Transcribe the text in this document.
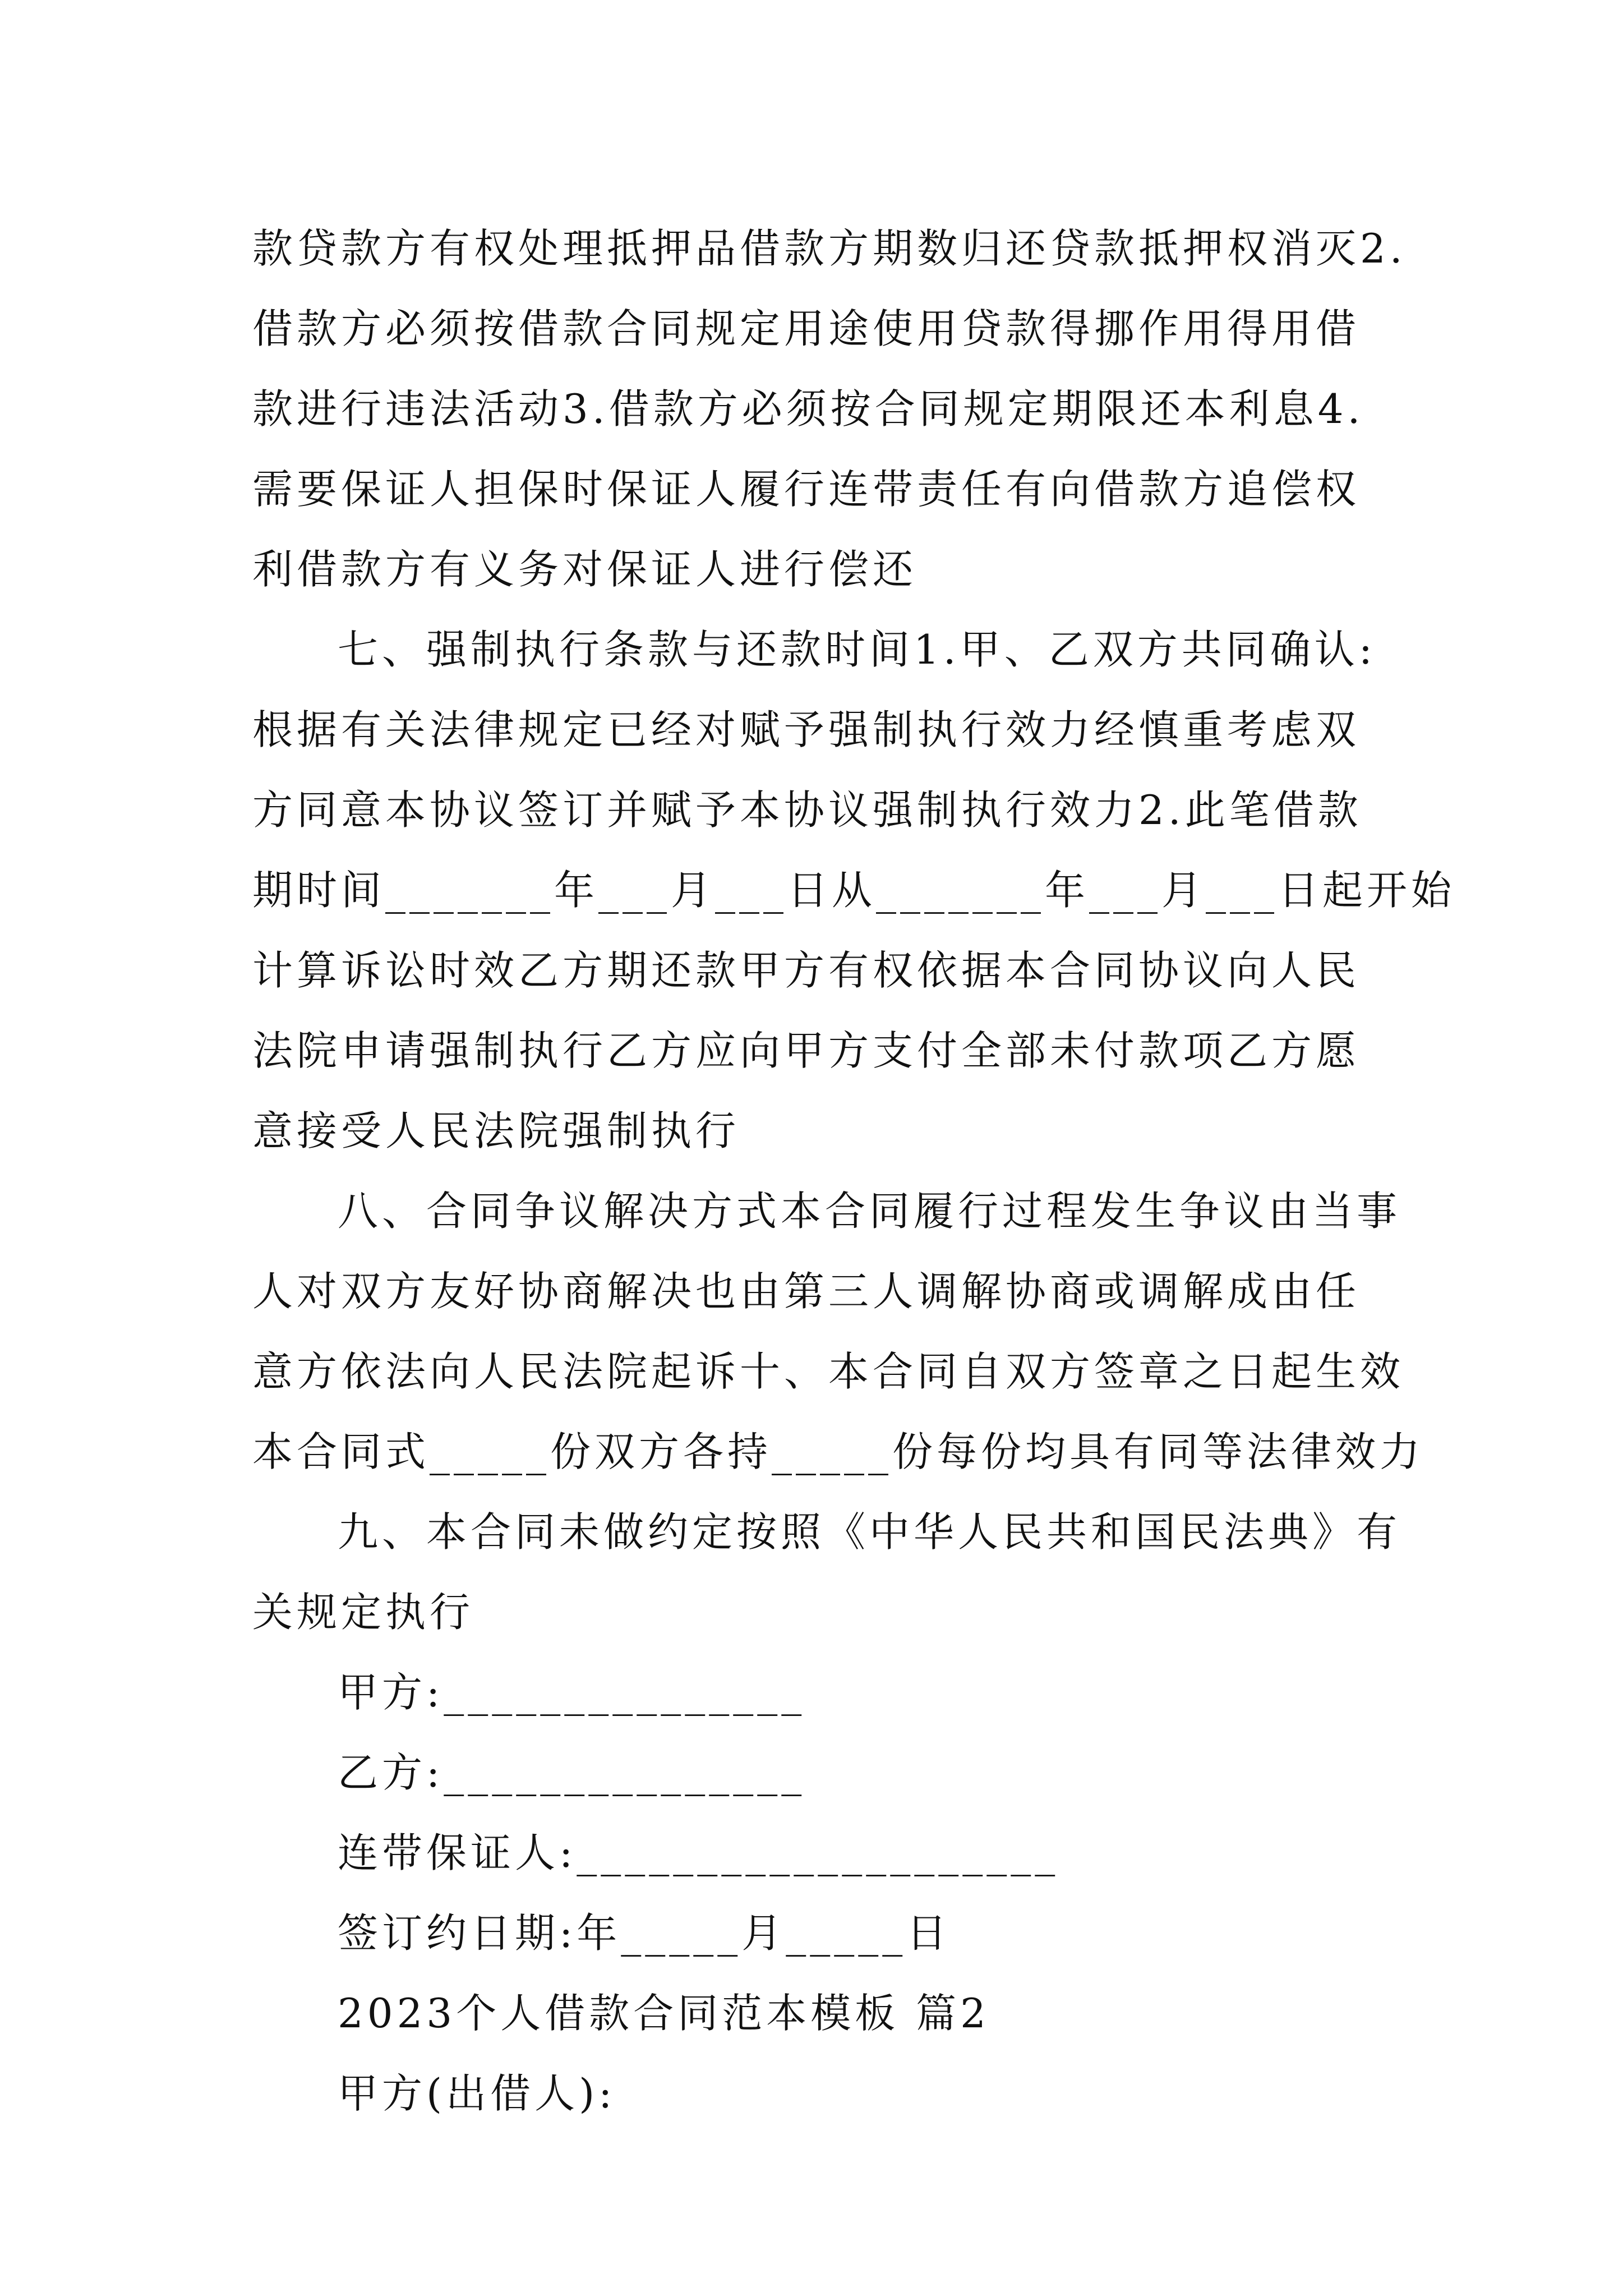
款贷款方有权处理抵押品借款方期数归还贷款抵押权消灭2.
借款方必须按借款合同规定用途使用贷款得挪作用得用借
款进行违法活动3.借款方必须按合同规定期限还本利息4.
需要保证人担保时保证人履行连带责任有向借款方追偿权
利借款方有义务对保证人进行偿还

七、强制执行条款与还款时间1.甲、乙双方共同确认:
根据有关法律规定已经对赋予强制执行效力经慎重考虑双
方同意本协议签订并赋予本协议强制执行效力2.此笔借款
期时间_______年___月___日从_______年___月___日起开始
计算诉讼时效乙方期还款甲方有权依据本合同协议向人民
法院申请强制执行乙方应向甲方支付全部未付款项乙方愿
意接受人民法院强制执行

八、合同争议解决方式本合同履行过程发生争议由当事
人对双方友好协商解决也由第三人调解协商或调解成由任
意方依法向人民法院起诉十、本合同自双方签章之日起生效
本合同式_____份双方各持_____份每份均具有同等法律效力

九、本合同未做约定按照《中华人民共和国民法典》有
关规定执行

甲方:_______________

乙方:_______________

连带保证人:____________________

签订约日期:年_____月_____日

2023个人借款合同范本模板 篇2

甲方(出借人):
